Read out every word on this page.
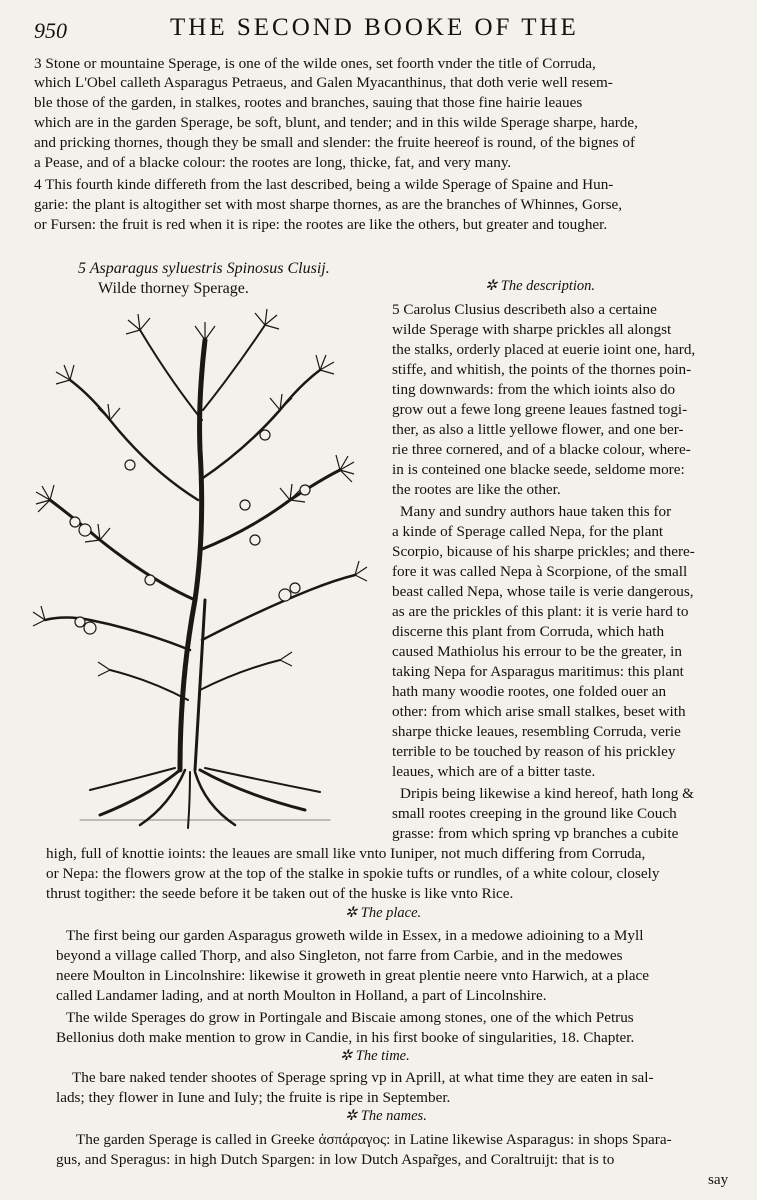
950	THE SECOND BOOKE OF THE
3 Stone or mountaine Sperage, is one of the wilde ones, set foorth vnder the title of Corruda,
which L'Obel calleth Asparagus Petraeus, and Galen Myacanthinus, that doth verie well resem-
ble those of the garden, in stalkes, rootes and branches, sauing that those fine hairie leaues
which are in the garden Sperage, be soft, blunt, and tender; and in this wilde Sperage sharpe, harde,
and pricking thornes, though they be small and slender: the fruite heereof is round, of the bignes of
a Pease, and of a blacke colour: the rootes are long, thicke, fat, and very many.
4 This fourth kinde differeth from the last described, being a wilde Sperage of Spaine and Hun-
garie: the plant is altogither set with most sharpe thornes, as are the branches of Whinnes, Gorse,
or Fursen: the fruit is red when it is ripe: the rootes are like the others, but greater and tougher.
5 Asparagus syluestris Spinosus Clusij.
Wilde thorney Sperage.	✲ The description.
5 Carolus Clusius describeth also a certaine
wilde Sperage with sharpe prickles all alongst
the stalks, orderly placed at euerie ioint one, hard,
stiffe, and whitish, the points of the thornes poin-
ting downwards: from the which ioints also do
grow out a fewe long greene leaues fastned togi-
ther, as also a little yellowe flower, and one ber-
rie three cornered, and of a blacke colour, where-
in is conteined one blacke seede, seldome more:
the rootes are like the other.
Many and sundry authors haue taken this for
a kinde of Sperage called Nepa, for the plant
Scorpio, bicause of his sharpe prickles; and there-
fore it was called Nepa à Scorpione, of the small
beast called Nepa, whose taile is verie dangerous,
as are the prickles of this plant: it is verie hard to
discerne this plant from Corruda, which hath
caused Mathiolus his errour to be the greater, in
taking Nepa for Asparagus maritimus: this plant
hath many woodie rootes, one folded ouer an
other: from which arise small stalkes, beset with
sharpe thicke leaues, resembling Corruda, verie
terrible to be touched by reason of his prickley
leaues, which are of a bitter taste.
Dripis being likewise a kind hereof, hath long &
small rootes creeping in the ground like Couch
grasse: from which spring vp branches a cubite
high, full of knottie ioints: the leaues are small like vnto Iuniper, not much differing from Corruda,
or Nepa: the flowers grow at the top of the stalke in spokie tufts or rundles, of a white colour, closely
thrust togither: the seede before it be taken out of the huske is like vnto Rice.
✲ The place.
The first being our garden Asparagus groweth wilde in Essex, in a medowe adioining to a Myll
beyond a village called Thorp, and also Singleton, not farre from Carbie, and in the medowes
neere Moulton in Lincolnshire: likewise it groweth in great plentie neere vnto Harwich, at a place
called Landamer lading, and at north Moulton in Holland, a part of Lincolnshire.
The wilde Sperages do grow in Portingale and Biscaie among stones, one of the which Petrus
Bellonius doth make mention to grow in Candie, in his first booke of singularities, 18. Chapter.
✲ The time.
The bare naked tender shootes of Sperage spring vp in Aprill, at what time they are eaten in sal-
lads; they flower in Iune and Iuly; the fruite is ripe in September.
✲ The names.
The garden Sperage is called in Greeke ἀσπάραγος: in Latine likewise Asparagus: in shops Spara-
gus, and Speragus: in high Dutch Spargen: in low Dutch Aspar̃ges, and Coraltruijt: that is to
say
